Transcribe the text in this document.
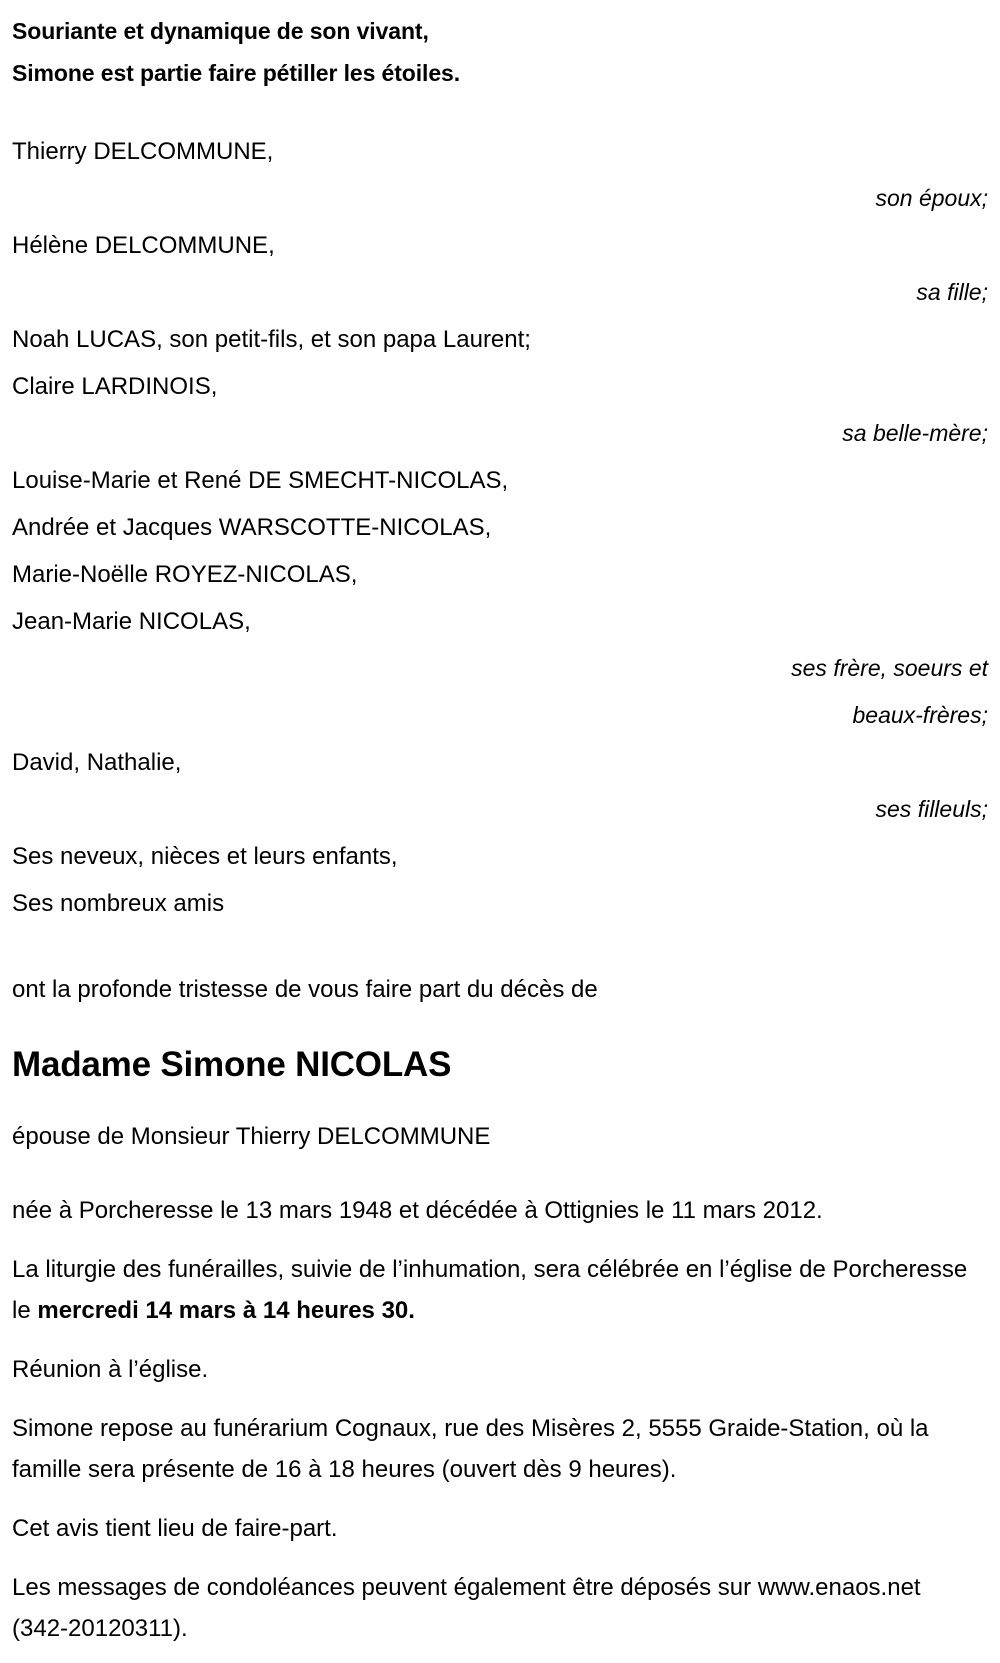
Souriante et dynamique de son vivant,
Simone est partie faire pétiller les étoiles.
Thierry DELCOMMUNE,
son époux;
Hélène DELCOMMUNE,
sa fille;
Noah LUCAS, son petit-fils, et son papa Laurent;
Claire LARDINOIS,
sa belle-mère;
Louise-Marie et René DE SMECHT-NICOLAS,
Andrée et Jacques WARSCOTTE-NICOLAS,
Marie-Noëlle ROYEZ-NICOLAS,
Jean-Marie NICOLAS,
ses frère, soeurs et
beaux-frères;
David, Nathalie,
ses filleuls;
Ses neveux, nièces et leurs enfants,
Ses nombreux amis
ont la profonde tristesse de vous faire part du décès de
Madame Simone NICOLAS
épouse de Monsieur Thierry DELCOMMUNE

née à Porcheresse le 13 mars 1948 et décédée à Ottignies le 11 mars 2012.

La liturgie des funérailles, suivie de l’inhumation, sera célébrée en l’église de Porcheresse le mercredi 14 mars à 14 heures 30.

Réunion à l’église.

Simone repose au funérarium Cognaux, rue des Misères 2, 5555 Graide-Station, où la famille sera présente de 16 à 18 heures (ouvert dès 9 heures).

Cet avis tient lieu de faire-part.

Les messages de condoléances peuvent également être déposés sur www.enaos.net (342-20120311).
